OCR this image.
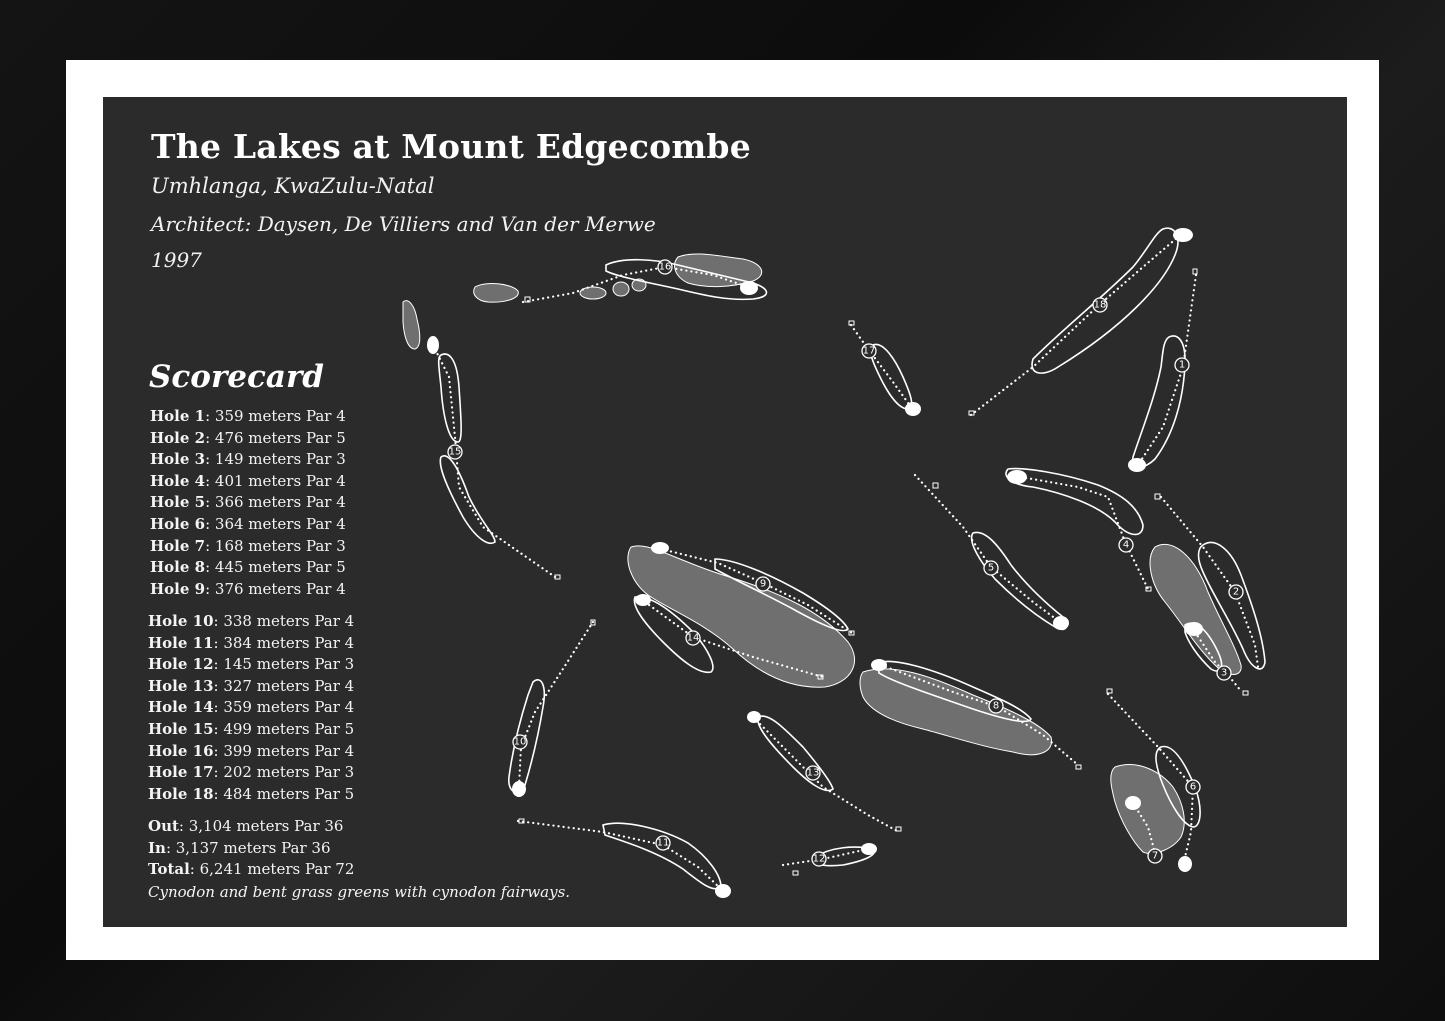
The Lakes at Mount Edgecombe

Umhlanga, KwaZulu-Natal

Architect: Daysen, De Villiers and Van der Merwe

1997

Scorecard
Hole 1: 359 meters Par 4
Hole 2: 476 meters Par 5
Hole 3: 149 meters Par 3
Hole 4: 401 meters Par 4
Hole 5: 366 meters Par 4
Hole 6: 364 meters Par 4
Hole 7: 168 meters Par 3
Hole 8: 445 meters Par 5
Hole 9: 376 meters Par 4
Hole 10: 338 meters Par 4
Hole 11: 384 meters Par 4
Hole 12: 145 meters Par 3
Hole 13: 327 meters Par 4
Hole 14: 359 meters Par 4
Hole 15: 499 meters Par 5
Hole 16: 399 meters Par 4
Hole 17: 202 meters Par 3
Hole 18: 484 meters Par 5
Out: 3,104 meters Par 36
In: 3,137 meters Par 36
Total: 6,241 meters Par 72

Cynodon and bent grass greens with cynodon fairways.

1
2
3
4
5
6
7
8
9
10
11
12
13
14
15
16
17
18
